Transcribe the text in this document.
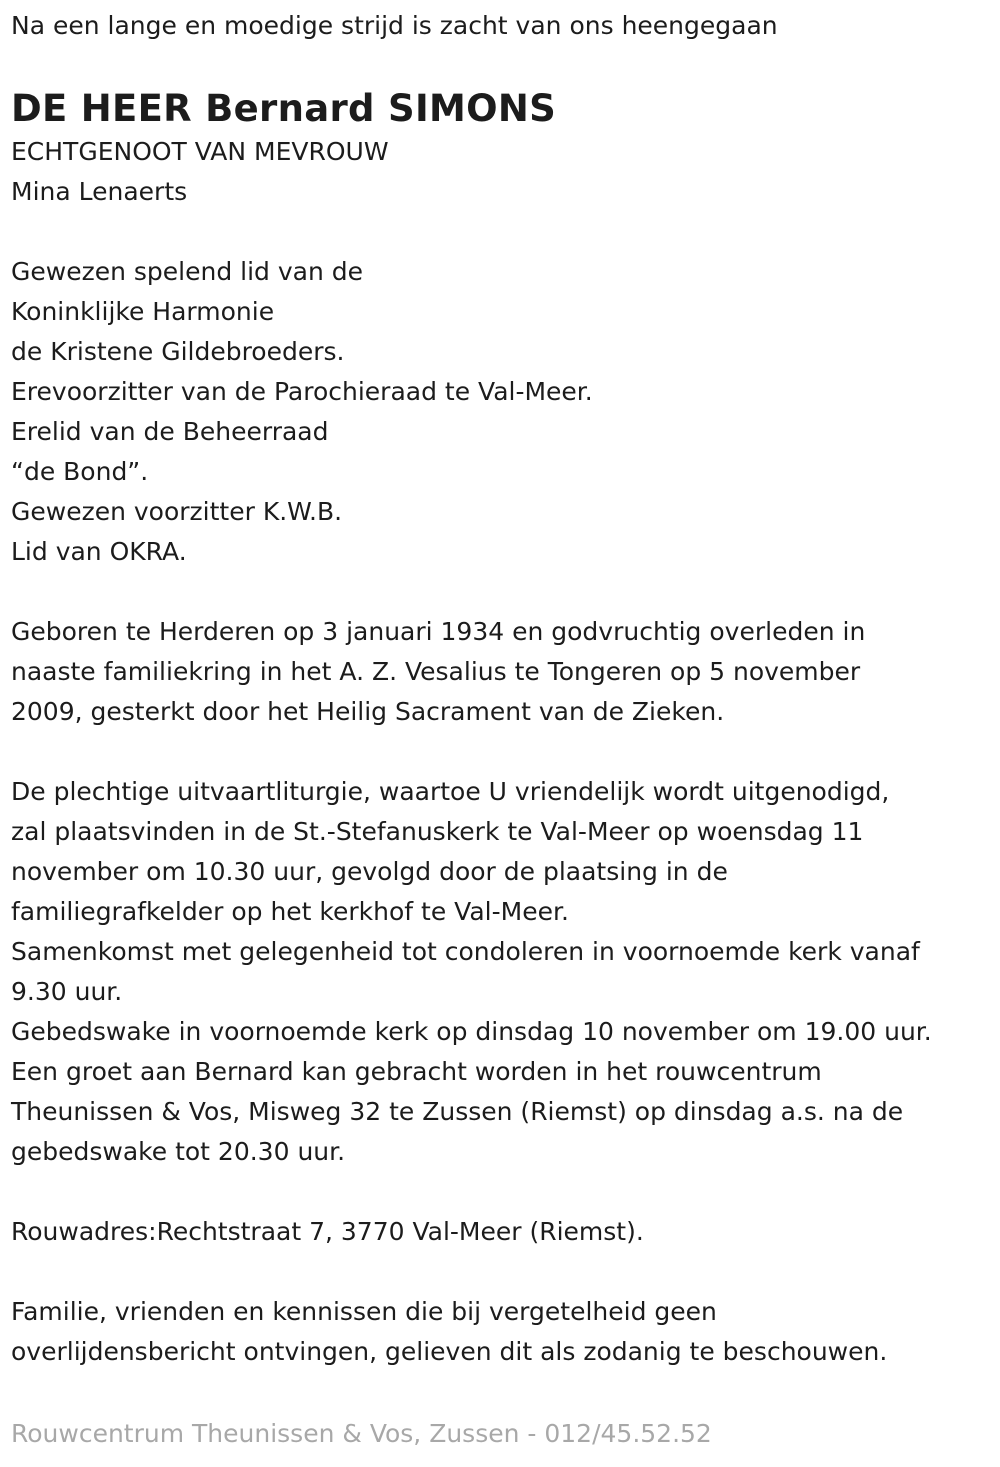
Na een lange en moedige strijd is zacht van ons heengegaan

DE HEER Bernard SIMONS

ECHTGENOOT VAN MEVROUW

Mina Lenaerts

Gewezen spelend lid van de

Koninklijke Harmonie

de Kristene Gildebroeders.

Erevoorzitter van de Parochieraad te Val-Meer.

Erelid van de Beheerraad

“de Bond”.

Gewezen voorzitter K.W.B.

Lid van OKRA.

Geboren te Herderen op 3 januari 1934 en godvruchtig overleden in

naaste familiekring in het A. Z. Vesalius te Tongeren op 5 november

2009, gesterkt door het Heilig Sacrament van de Zieken.

De plechtige uitvaartliturgie, waartoe U vriendelijk wordt uitgenodigd,

zal plaatsvinden in de St.-Stefanuskerk te Val-Meer op woensdag 11

november om 10.30 uur, gevolgd door de plaatsing in de

familiegrafkelder op het kerkhof te Val-Meer.

Samenkomst met gelegenheid tot condoleren in voornoemde kerk vanaf

9.30 uur.

Gebedswake in voornoemde kerk op dinsdag 10 november om 19.00 uur.

Een groet aan Bernard kan gebracht worden in het rouwcentrum

Theunissen & Vos, Misweg 32 te Zussen (Riemst) op dinsdag a.s. na de

gebedswake tot 20.30 uur.

Rouwadres:Rechtstraat 7, 3770 Val-Meer (Riemst).

Familie, vrienden en kennissen die bij vergetelheid geen

overlijdensbericht ontvingen, gelieven dit als zodanig te beschouwen.

Rouwcentrum Theunissen & Vos, Zussen - 012/45.52.52
